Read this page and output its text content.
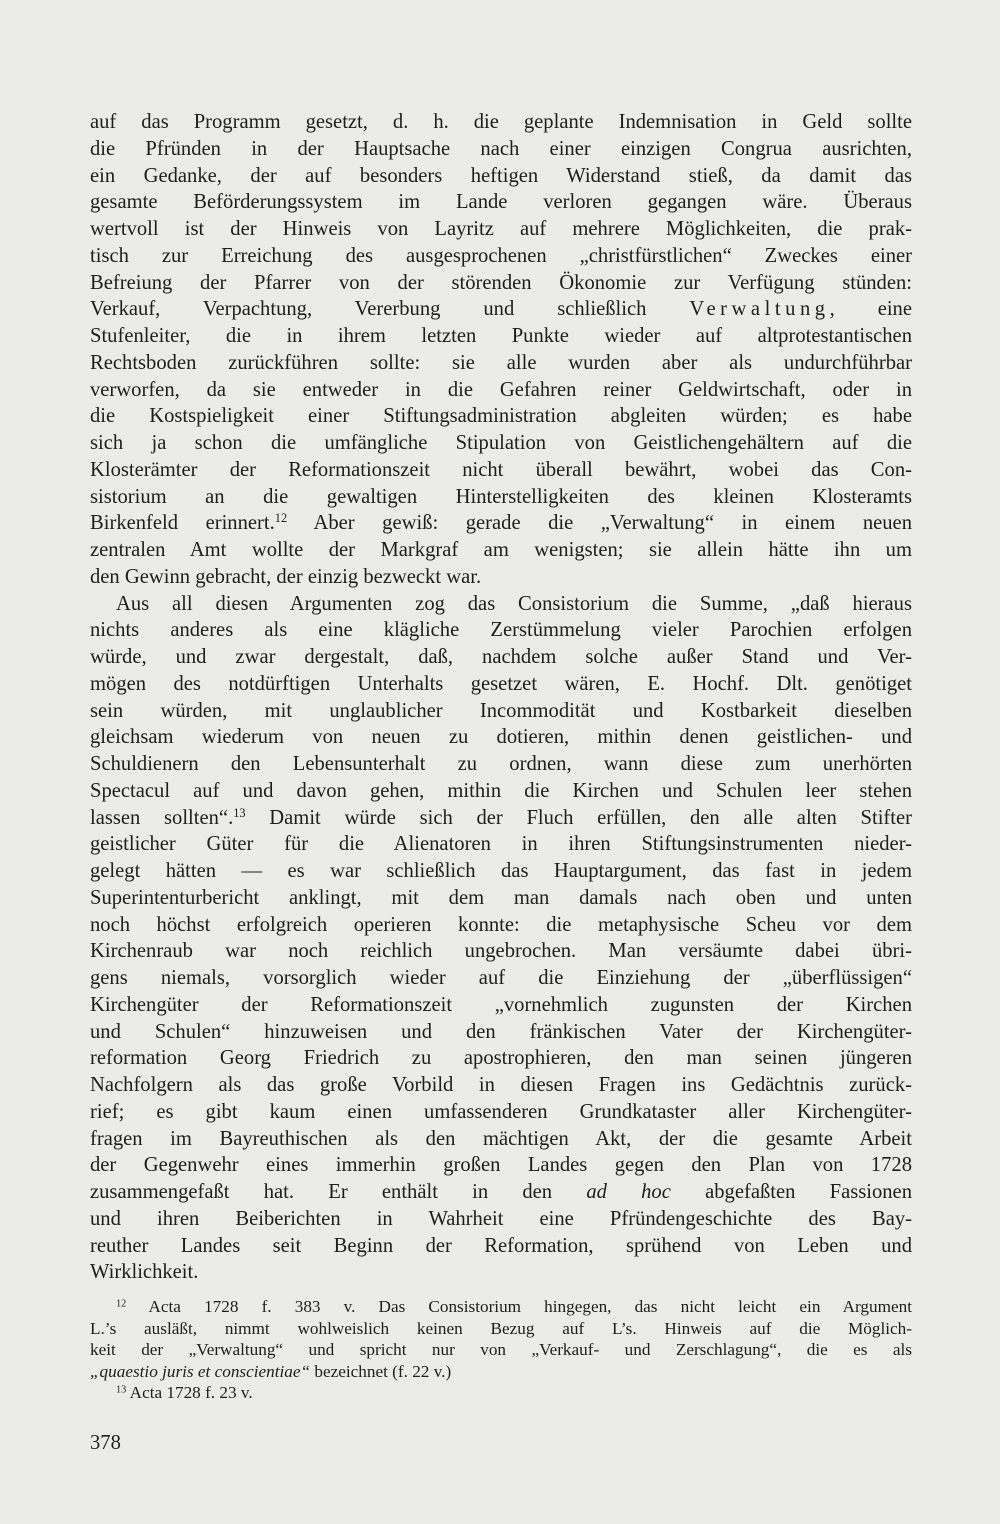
auf das Programm gesetzt, d. h. die geplante Indemnisation in Geld sollte
die Pfründen in der Hauptsache nach einer einzigen Congrua ausrichten,
ein Gedanke, der auf besonders heftigen Widerstand stieß, da damit das
gesamte Beförderungssystem im Lande verloren gegangen wäre. Überaus
wertvoll ist der Hinweis von Layritz auf mehrere Möglichkeiten, die prak-
tisch zur Erreichung des ausgesprochenen „christfürstlichen“ Zweckes einer
Befreiung der Pfarrer von der störenden Ökonomie zur Verfügung stünden:
Verkauf, Verpachtung, Vererbung und schließlich Verwaltung, eine
Stufenleiter, die in ihrem letzten Punkte wieder auf altprotestantischen
Rechtsboden zurückführen sollte: sie alle wurden aber als undurchführbar
verworfen, da sie entweder in die Gefahren reiner Geldwirtschaft, oder in
die Kostspieligkeit einer Stiftungsadministration abgleiten würden; es habe
sich ja schon die umfängliche Stipulation von Geistlichengehältern auf die
Klosterämter der Reformationszeit nicht überall bewährt, wobei das Con-
sistorium an die gewaltigen Hinterstelligkeiten des kleinen Klosteramts
Birkenfeld erinnert.$^{12}$ Aber gewiß: gerade die „Verwaltung“ in einem neuen
zentralen Amt wollte der Markgraf am wenigsten; sie allein hätte ihn um
den Gewinn gebracht, der einzig bezweckt war.
Aus all diesen Argumenten zog das Consistorium die Summe, „daß hieraus
nichts anderes als eine klägliche Zerstümmelung vieler Parochien erfolgen
würde, und zwar dergestalt, daß, nachdem solche außer Stand und Ver-
mögen des notdürftigen Unterhalts gesetzet wären, E. Hochf. Dlt. genötiget
sein würden, mit unglaublicher Incommodität und Kostbarkeit dieselben
gleichsam wiederum von neuen zu dotieren, mithin denen geistlichen- und
Schuldienern den Lebensunterhalt zu ordnen, wann diese zum unerhörten
Spectacul auf und davon gehen, mithin die Kirchen und Schulen leer stehen
lassen sollten“.$^{13}$ Damit würde sich der Fluch erfüllen, den alle alten Stifter
geistlicher Güter für die Alienatoren in ihren Stiftungsinstrumenten nieder-
gelegt hätten — es war schließlich das Hauptargument, das fast in jedem
Superintenturbericht anklingt, mit dem man damals nach oben und unten
noch höchst erfolgreich operieren konnte: die metaphysische Scheu vor dem
Kirchenraub war noch reichlich ungebrochen. Man versäumte dabei übri-
gens niemals, vorsorglich wieder auf die Einziehung der „überflüssigen“
Kirchengüter der Reformationszeit „vornehmlich zugunsten der Kirchen
und Schulen“ hinzuweisen und den fränkischen Vater der Kirchengüter-
reformation Georg Friedrich zu apostrophieren, den man seinen jüngeren
Nachfolgern als das große Vorbild in diesen Fragen ins Gedächtnis zurück-
rief; es gibt kaum einen umfassenderen Grundkataster aller Kirchengüter-
fragen im Bayreuthischen als den mächtigen Akt, der die gesamte Arbeit
der Gegenwehr eines immerhin großen Landes gegen den Plan von 1728
zusammengefaßt hat. Er enthält in den ad hoc abgefaßten Fassionen
und ihren Beiberichten in Wahrheit eine Pfründengeschichte des Bay-
reuther Landes seit Beginn der Reformation, sprühend von Leben und
Wirklichkeit.
$^{12}$ Acta 1728 f. 383 v. Das Consistorium hingegen, das nicht leicht ein Argument
L.’s ausläßt, nimmt wohlweislich keinen Bezug auf L’s. Hinweis auf die Möglich-
keit der „Verwaltung“ und spricht nur von „Verkauf- und Zerschlagung“, die es als
„quaestio juris et conscientiae“ bezeichnet (f. 22 v.)
$^{13}$ Acta 1728 f. 23 v.
378
